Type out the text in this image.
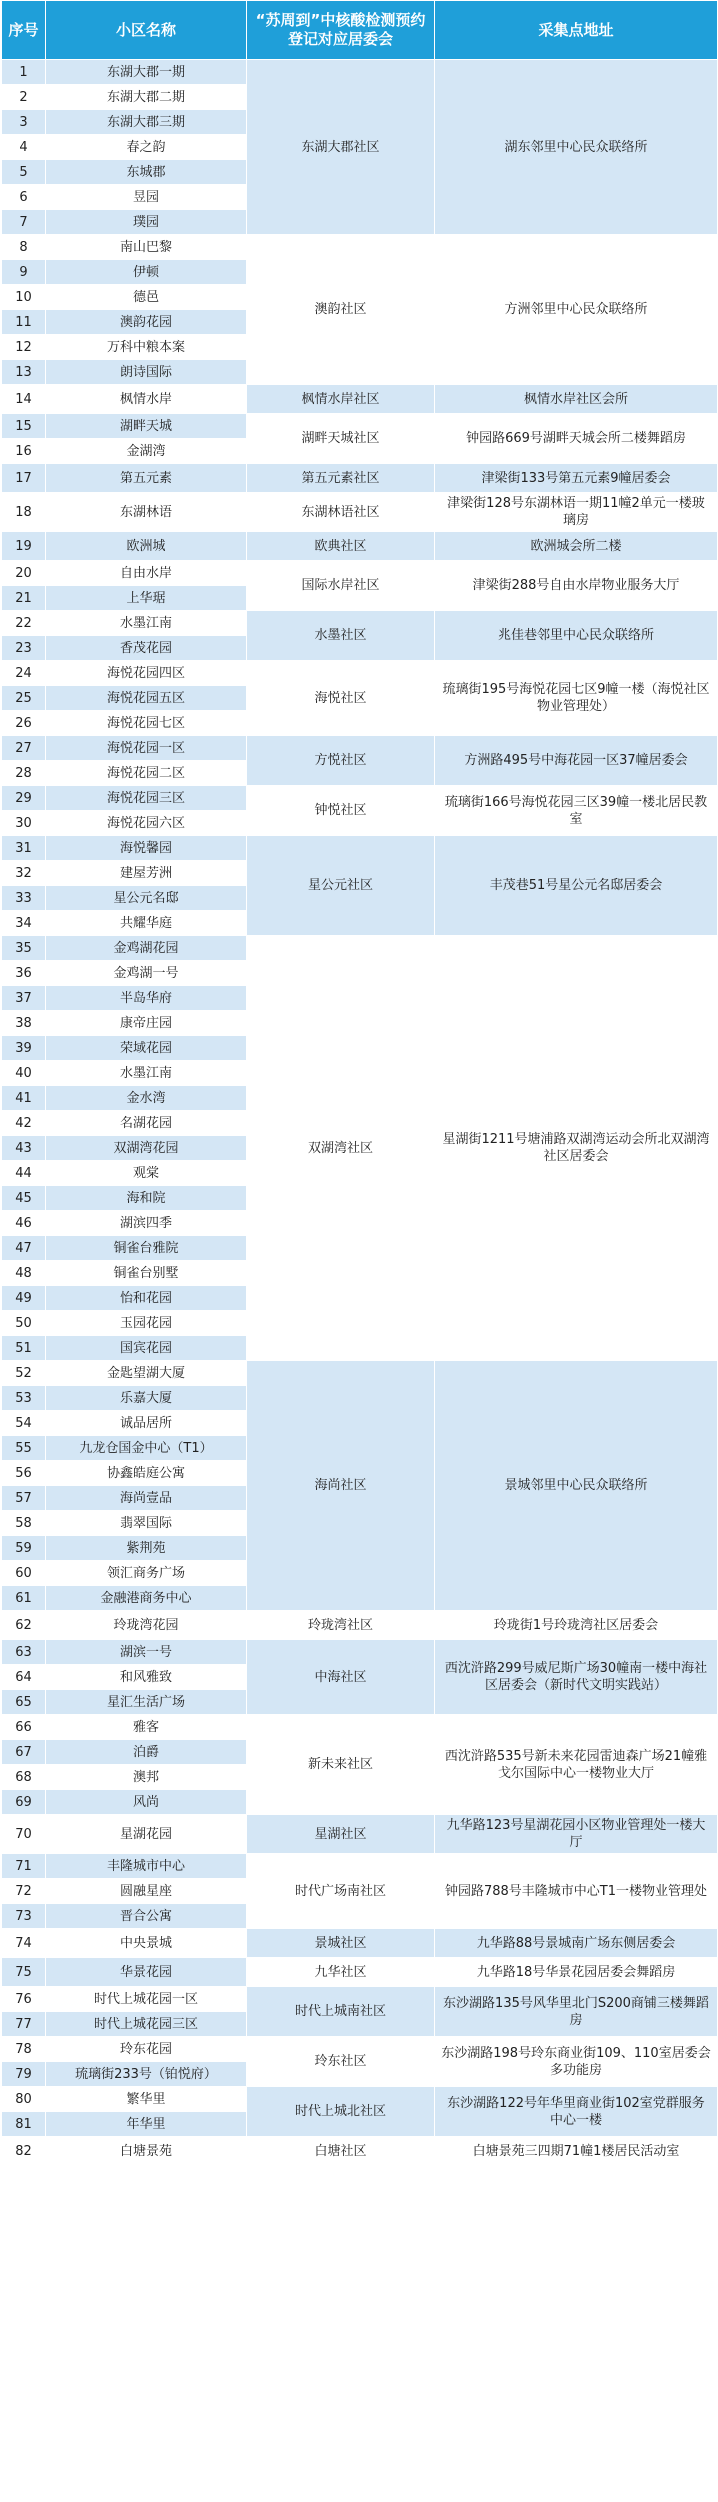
序号	小区名称	“苏周到”中核酸检测预约登记对应居委会	采集点地址
1	东湖大郡一期	东湖大郡社区	湖东邻里中心民众联络所
2	东湖大郡二期		
3	东湖大郡三期		
4	春之韵		
5	东城郡		
6	昱园		
7	璞园		
8	南山巴黎	澳韵社区	方洲邻里中心民众联络所
9	伊顿		
10	德邑		
11	澳韵花园		
12	万科中粮本案		
13	朗诗国际		
14	枫情水岸	枫情水岸社区	枫情水岸社区会所
15	湖畔天城	湖畔天城社区	钟园路669号湖畔天城会所二楼舞蹈房
16	金湖湾		
17	第五元素	第五元素社区	津梁街133号第五元素9幢居委会
18	东湖林语	东湖林语社区	津梁街128号东湖林语一期11幢2单元一楼玻璃房
19	欧洲城	欧典社区	欧洲城会所二楼
20	自由水岸	国际水岸社区	津梁街288号自由水岸物业服务大厅
21	上华琚		
22	水墨江南	水墨社区	兆佳巷邻里中心民众联络所
23	香茂花园		
24	海悦花园四区	海悦社区	琉璃街195号海悦花园七区9幢一楼（海悦社区物业管理处）
25	海悦花园五区		
26	海悦花园七区		
27	海悦花园一区	方悦社区	方洲路495号中海花园一区37幢居委会
28	海悦花园二区		
29	海悦花园三区	钟悦社区	琉璃街166号海悦花园三区39幢一楼北居民教室
30	海悦花园六区		
31	海悦馨园	星公元社区	丰茂巷51号星公元名邸居委会
32	建屋芳洲		
33	星公元名邸		
34	共耀华庭		
35	金鸡湖花园	双湖湾社区	星湖街1211号塘浦路双湖湾运动会所北双湖湾社区居委会
36	金鸡湖一号		
37	半岛华府		
38	康帝庄园		
39	荣域花园		
40	水墨江南		
41	金水湾		
42	名湖花园		
43	双湖湾花园		
44	观棠		
45	海和院		
46	湖滨四季		
47	铜雀台雅院		
48	铜雀台别墅		
49	怡和花园		
50	玉园花园		
51	国宾花园		
52	金匙望湖大厦	海尚社区	景城邻里中心民众联络所
53	乐嘉大厦		
54	诚品居所		
55	九龙仓国金中心（T1）		
56	协鑫皓庭公寓		
57	海尚壹品		
58	翡翠国际		
59	紫荆苑		
60	领汇商务广场		
61	金融港商务中心		
62	玲珑湾花园	玲珑湾社区	玲珑街1号玲珑湾社区居委会
63	湖滨一号	中海社区	西沈浒路299号威尼斯广场30幢南一楼中海社区居委会（新时代文明实践站）
64	和风雅致		
65	星汇生活广场		
66	雅客	新未来社区	西沈浒路535号新未来花园雷迪森广场21幢雅戈尔国际中心一楼物业大厅
67	泊爵		
68	澳邦		
69	风尚		
70	星湖花园	星湖社区	九华路123号星湖花园小区物业管理处一楼大厅
71	丰隆城市中心	时代广场南社区	钟园路788号丰隆城市中心T1一楼物业管理处
72	圆融星座		
73	晋合公寓		
74	中央景城	景城社区	九华路88号景城南广场东侧居委会
75	华景花园	九华社区	九华路18号华景花园居委会舞蹈房
76	时代上城花园一区	时代上城南社区	东沙湖路135号风华里北门S200商铺三楼舞蹈房
77	时代上城花园三区		
78	玲东花园	玲东社区	东沙湖路198号玲东商业街109、110室居委会多功能房
79	琉璃街233号（铂悦府）		
80	繁华里	时代上城北社区	东沙湖路122号年华里商业街102室党群服务中心一楼
81	年华里		
82	白塘景苑	白塘社区	白塘景苑三四期71幢1楼居民活动室
